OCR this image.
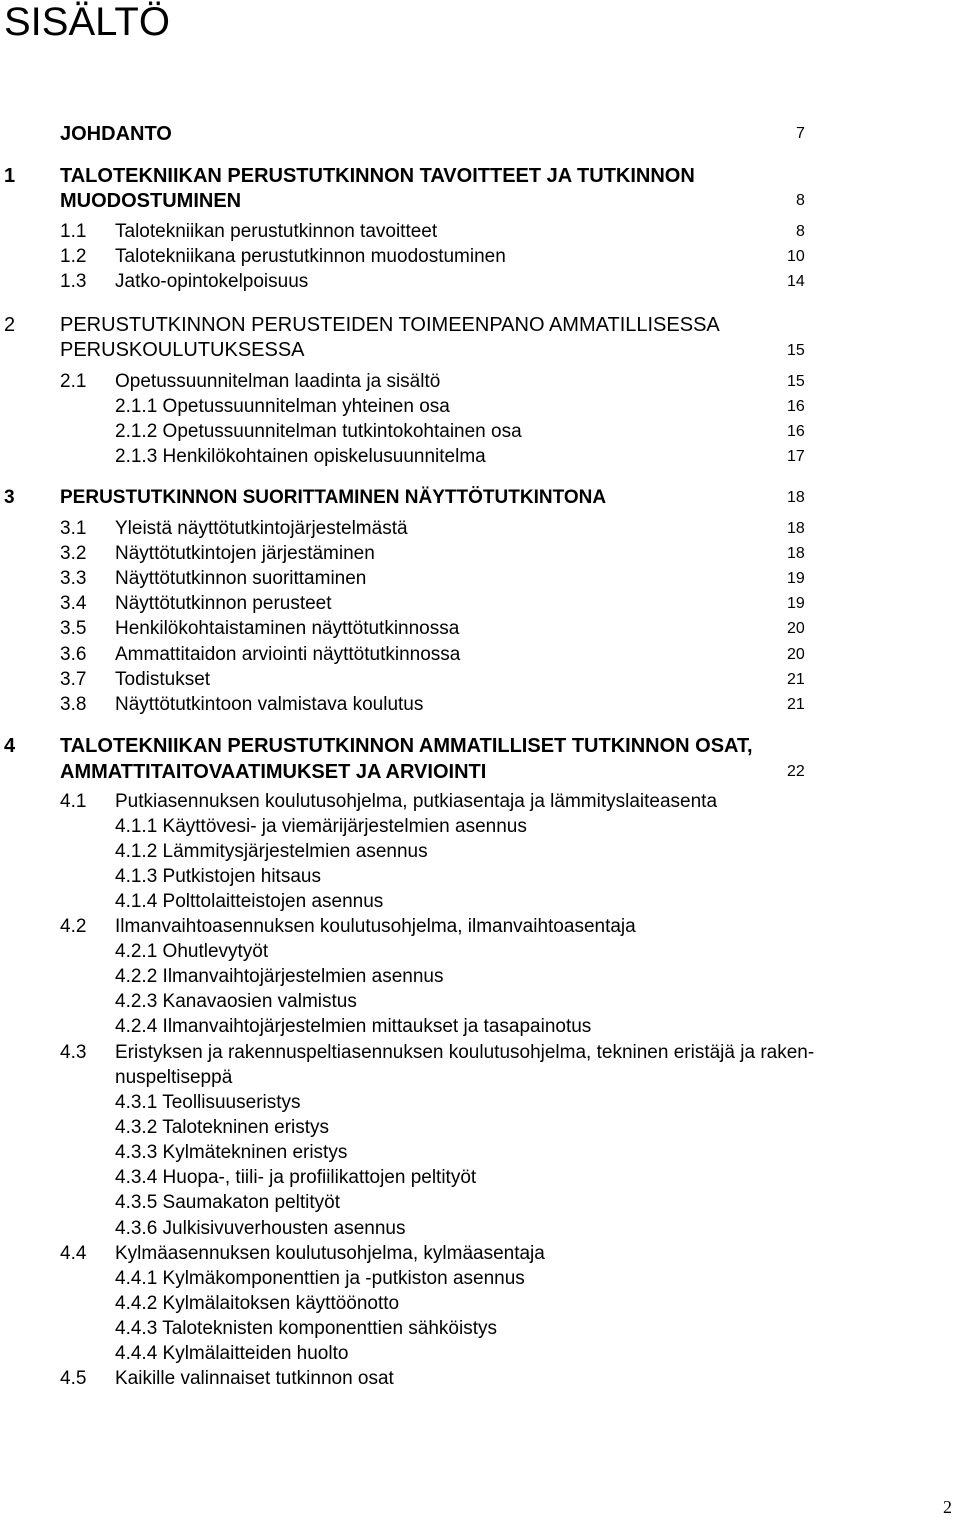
SISÄLTÖ
JOHDANTO	7
1 TALOTEKNIIKAN PERUSTUTKINNON TAVOITTEET JA TUTKINNON
MUODOSTUMINEN	8
1.1 Talotekniikan perustutkinnon tavoitteet	8
1.2 Talotekniikana perustutkinnon muodostuminen	10
1.3 Jatko-opintokelpoisuus	14
2 PERUSTUTKINNON PERUSTEIDEN TOIMEENPANO AMMATILLISESSA
PERUSKOULUTUKSESSA	15
2.1 Opetussuunnitelman laadinta ja sisältö	15
2.1.1 Opetussuunnitelman yhteinen osa	16
2.1.2 Opetussuunnitelman tutkintokohtainen osa	16
2.1.3 Henkilökohtainen opiskelusuunnitelma	17
3 PERUSTUTKINNON SUORITTAMINEN NÄYTTÖTUTKINTONA	18
3.1 Yleistä näyttötutkintojärjestelmästä	18
3.2 Näyttötutkintojen järjestäminen	18
3.3 Näyttötutkinnon suorittaminen	19
3.4 Näyttötutkinnon perusteet	19
3.5 Henkilökohtaistaminen näyttötutkinnossa	20
3.6 Ammattitaidon arviointi näyttötutkinnossa	20
3.7 Todistukset	21
3.8 Näyttötutkintoon valmistava koulutus	21
4 TALOTEKNIIKAN PERUSTUTKINNON AMMATILLISET TUTKINNON OSAT,
AMMATTITAITOVAATIMUKSET JA ARVIOINTI	22
4.1 Putkiasennuksen koulutusohjelma, putkiasentaja ja lämmityslaiteasenta
4.1.1 Käyttövesi- ja viemärijärjestelmien asennus
4.1.2 Lämmitysjärjestelmien asennus
4.1.3 Putkistojen hitsaus
4.1.4 Polttolaitteistojen asennus
4.2 Ilmanvaihtoasennuksen koulutusohjelma, ilmanvaihtoasentaja
4.2.1 Ohutlevytyöt
4.2.2 Ilmanvaihtojärjestelmien asennus
4.2.3 Kanavaosien valmistus
4.2.4 Ilmanvaihtojärjestelmien mittaukset ja tasapainotus
4.3 Eristyksen ja rakennuspeltiasennuksen koulutusohjelma, tekninen eristäjä ja raken-
nuspeltiseppä
4.3.1 Teollisuuseristys
4.3.2 Talotekninen eristys
4.3.3 Kylmätekninen eristys
4.3.4 Huopa-, tiili- ja profiilikattojen peltityöt
4.3.5 Saumakaton peltityöt
4.3.6 Julkisivuverhousten asennus
4.4 Kylmäasennuksen koulutusohjelma, kylmäasentaja
4.4.1 Kylmäkomponenttien ja -putkiston asennus
4.4.2 Kylmälaitoksen käyttöönotto
4.4.3 Taloteknisten komponenttien sähköistys
4.4.4 Kylmälaitteiden huolto
4.5 Kaikille valinnaiset tutkinnon osat
2
